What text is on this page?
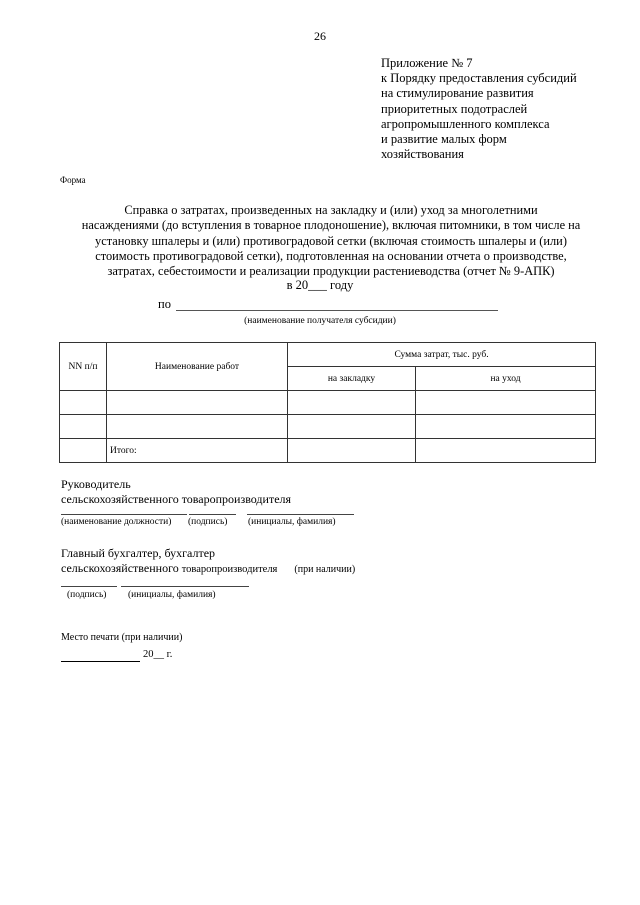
26
Приложение № 7
к Порядку предоставления субсидий
на стимулирование развития
приоритетных подотраслей
агропромышленного комплекса
и развитие малых форм
хозяйствования
Форма
Справка о затратах, произведенных на закладку и (или) уход за многолетними
насаждениями (до вступления в товарное плодоношение), включая питомники, в том числе на
установку шпалеры и (или) противоградовой сетки (включая стоимость шпалеры и (или)
стоимость противоградовой сетки), подготовленная на основании отчета о производстве,
затратах, себестоимости и реализации продукции растениеводства (отчет № 9-АПК)
в 20___ году
по
(наименование получателя субсидии)
NN п/п	Наименование работ	Сумма затрат, тыс. руб.	
		на закладку	на уход

	Итого:		
Руководитель
сельскохозяйственного товаропроизводителя
(наименование должности) (подпись) (инициалы, фамилия)
Главный бухгалтер, бухгалтер
сельскохозяйственного товаропроизводителя (при наличии)
(подпись) (инициалы, фамилия)
Место печати (при наличии)
20__ г.
